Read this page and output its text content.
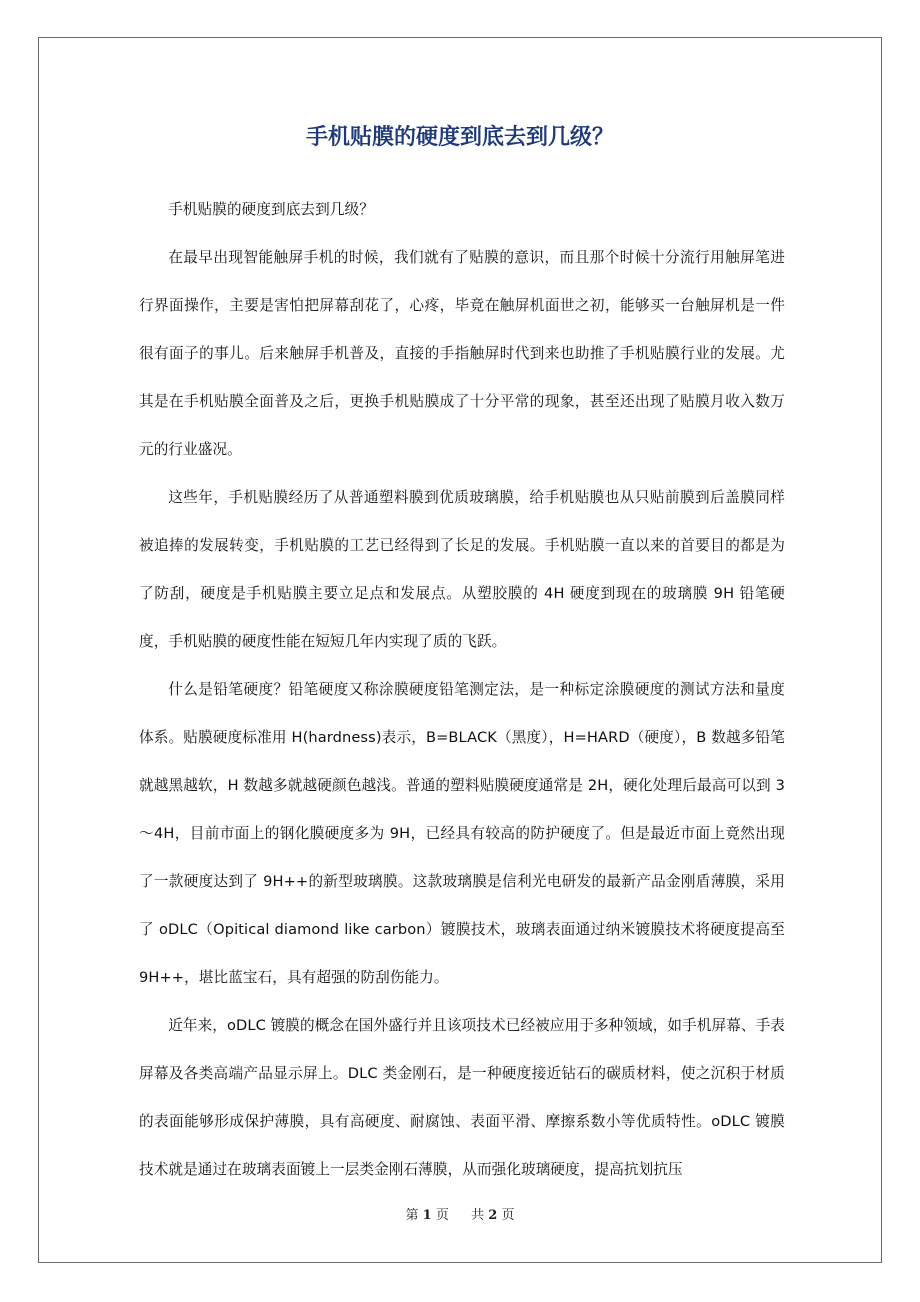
手机贴膜的硬度到底去到几级？

手机贴膜的硬度到底去到几级？

在最早出现智能触屏手机的时候，我们就有了贴膜的意识，而且那个时候十分流行用触屏笔进行界面操作，主要是害怕把屏幕刮花了，心疼，毕竟在触屏机面世之初，能够买一台触屏机是一件很有面子的事儿。后来触屏手机普及，直接的手指触屏时代到来也助推了手机贴膜行业的发展。尤其是在手机贴膜全面普及之后，更换手机贴膜成了十分平常的现象，甚至还出现了贴膜月收入数万元的行业盛况。

这些年，手机贴膜经历了从普通塑料膜到优质玻璃膜，给手机贴膜也从只贴前膜到后盖膜同样被追捧的发展转变，手机贴膜的工艺已经得到了长足的发展。手机贴膜一直以来的首要目的都是为了防刮，硬度是手机贴膜主要立足点和发展点。从塑胶膜的 4H 硬度到现在的玻璃膜 9H 铅笔硬度，手机贴膜的硬度性能在短短几年内实现了质的飞跃。

什么是铅笔硬度？铅笔硬度又称涂膜硬度铅笔测定法，是一种标定涂膜硬度的测试方法和量度体系。贴膜硬度标准用 H(hardness)表示，B=BLACK（黑度），H=HARD（硬度），B 数越多铅笔就越黑越软，H 数越多就越硬颜色越浅。普通的塑料贴膜硬度通常是 2H，硬化处理后最高可以到 3～4H，目前市面上的钢化膜硬度多为 9H，已经具有较高的防护硬度了。但是最近市面上竟然出现了一款硬度达到了 9H++的新型玻璃膜。这款玻璃膜是信利光电研发的最新产品金刚盾薄膜，采用了 oDLC（Opitical diamond like carbon）镀膜技术，玻璃表面通过纳米镀膜技术将硬度提高至 9H++，堪比蓝宝石，具有超强的防刮伤能力。

近年来，oDLC 镀膜的概念在国外盛行并且该项技术已经被应用于多种领域，如手机屏幕、手表屏幕及各类高端产品显示屏上。DLC 类金刚石，是一种硬度接近钻石的碳质材料，使之沉积于材质的表面能够形成保护薄膜，具有高硬度、耐腐蚀、表面平滑、摩擦系数小等优质特性。oDLC 镀膜技术就是通过在玻璃表面镀上一层类金刚石薄膜，从而强化玻璃硬度，提高抗划抗压

第 1 页 共 2 页
